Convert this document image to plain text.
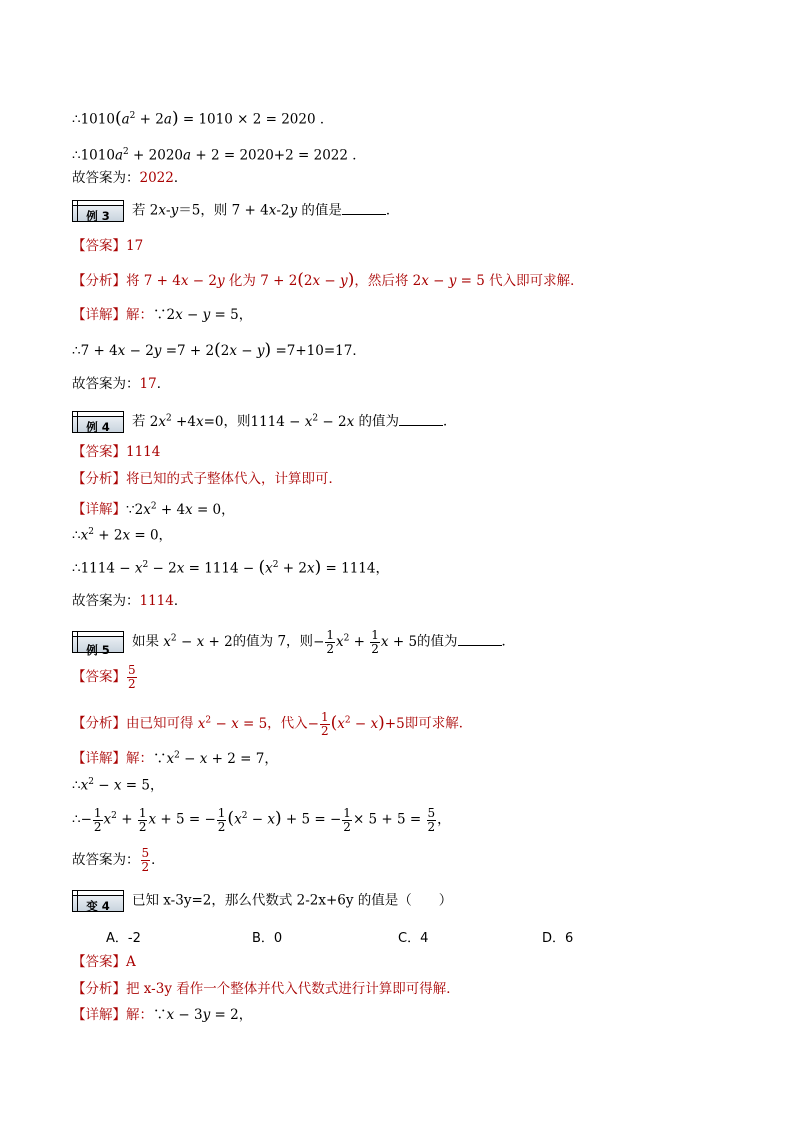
$\therefore 1010(a^2 + 2a) = 1010 \times 2 = 2020$ ．
$\therefore 1010a^2 + 2020a + 2 = 2020+2 = 2022$ ．
故答案为：2022．
例 3	若 2x-y＝5，则 7 + 4x-2y 的值是	．
【答案】17
【分析】将 7 + 4x − 2y 化为 7 + 2(2x − y)，然后将 2x − y = 5 代入即可求解．
【详解】解：∵2x − y = 5，
∴7 + 4x − 2y =7 + 2(2x − y) =7+10=17．
故答案为：17．
例 4	若 $2x^2 +4x=0$，则$1114 - x^2 - 2x$ 的值为	．
【答案】1114
【分析】将已知的式子整体代入，计算即可．
【详解】$\because 2x^2 + 4x = 0$，
$\therefore x^2 + 2x = 0$，
∴1114 − $x^2 - 2x = 1114 - (x^2 + 2x) = 1114$，
故答案为：1114．
例 5
如果 $x^2 - x + 2$的值为 7，则− $\frac{1}{2} x^2 + \frac{1}{2}$ x + 5的值为	．
【答案】 $\frac{5}{2}$
【分析】由已知可得 $x^2 - x = 5$，代入− $\frac{1}{2} (x^2 - x)+5$即可求解．
【详解】解：$\because x^2 - x + 2 = 7$，
$\therefore x^2 - x = 5$，
∴− $\frac{1}{2} x^2 + \frac{1}{2}$ x + 5 = − $\frac{1}{2} (x^2 - x) + 5$ = − $\frac{1}{2} \times 5 + 5 = \frac{5}{2}$ ，
故答案为： $\frac{5}{2}$ ．
变 4	已知 x-3y=2，那么代数式 2-2x+6y 的值是（　　）
A．-2	B．0	C．4	D．6
【答案】A
【分析】把 x-3y 看作一个整体并代入代数式进行计算即可得解．
【详解】解：∵x − 3y = 2，
